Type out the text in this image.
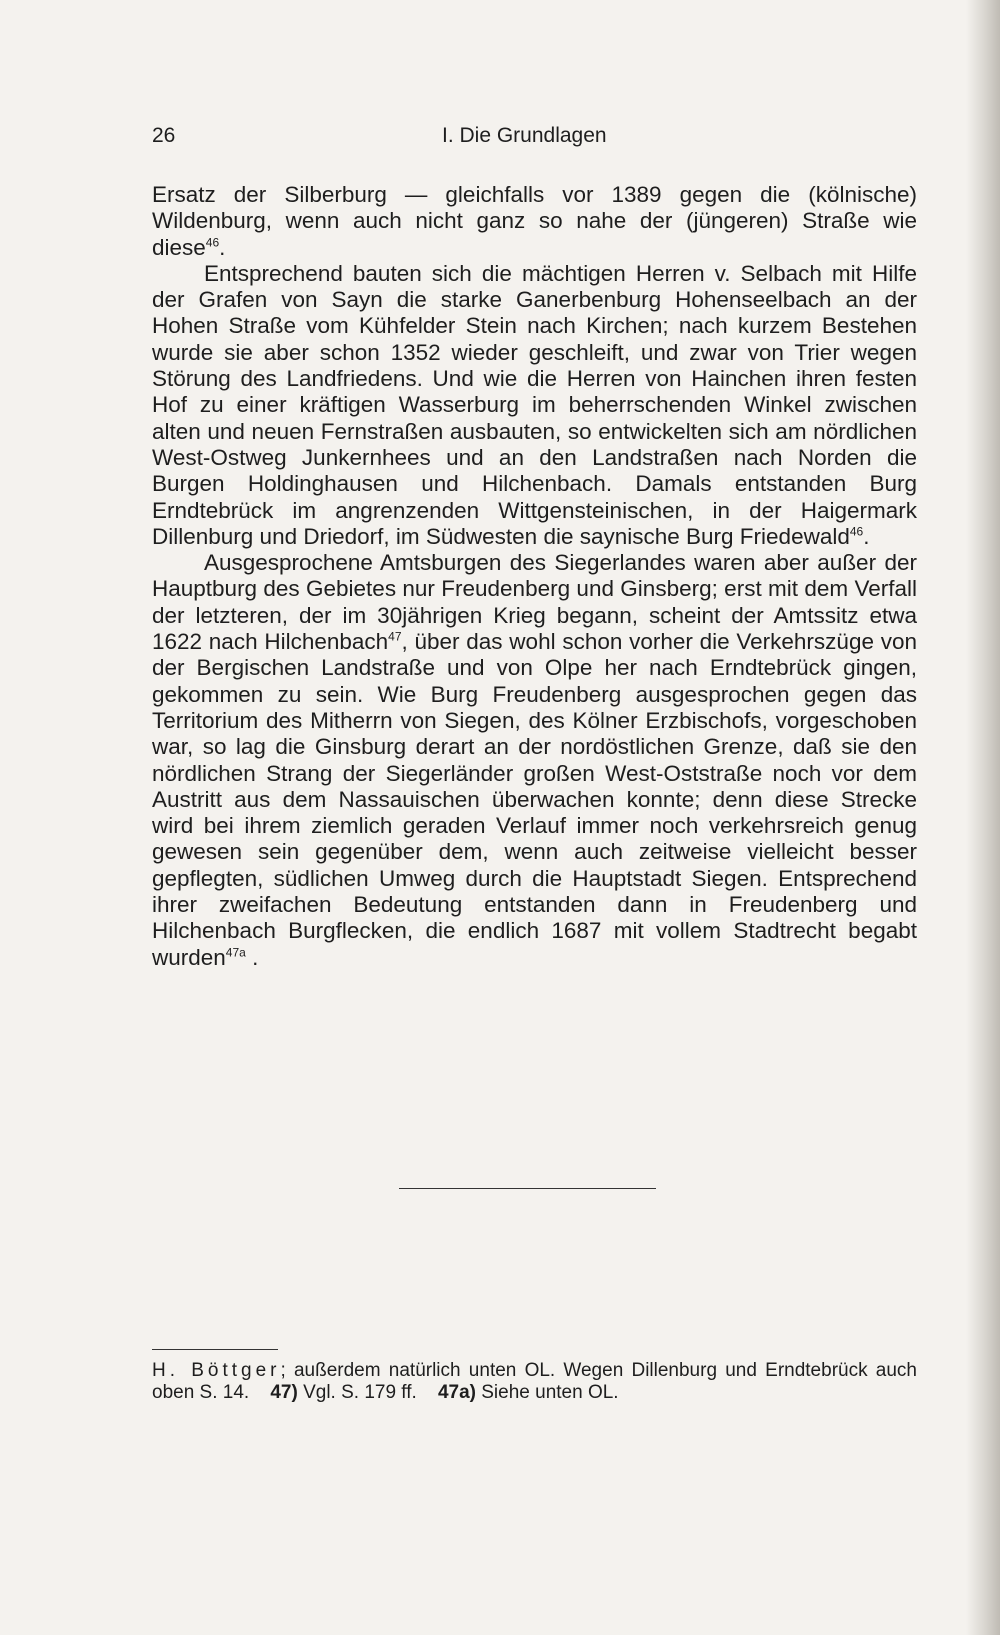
26	I. Die Grundlagen

Ersatz der Silberburg — gleichfalls vor 1389 gegen die (kölnische) Wildenburg, wenn auch nicht ganz so nahe der (jüngeren) Straße wie diese$^{46}$.

Entsprechend bauten sich die mächtigen Herren v. Selbach mit Hilfe der Grafen von Sayn die starke Ganerbenburg Hohenseelbach an der Hohen Straße vom Kühfelder Stein nach Kirchen; nach kurzem Bestehen wurde sie aber schon 1352 wieder geschleift, und zwar von Trier wegen Störung des Landfriedens. Und wie die Herren von Hainchen ihren festen Hof zu einer kräftigen Wasserburg im beherrschenden Winkel zwischen alten und neuen Fernstraßen ausbauten, so entwickelten sich am nördlichen West-Ostweg Junkernhees und an den Landstraßen nach Norden die Burgen Holdinghausen und Hilchenbach. Damals entstanden Burg Erndtebrück im angrenzenden Wittgensteinischen, in der Haigermark Dillenburg und Driedorf, im Südwesten die saynische Burg Friedewald$^{46}$.

Ausgesprochene Amtsburgen des Siegerlandes waren aber außer der Hauptburg des Gebietes nur Freudenberg und Ginsberg; erst mit dem Verfall der letzteren, der im 30jährigen Krieg begann, scheint der Amtssitz etwa 1622 nach Hilchenbach$^{47}$, über das wohl schon vorher die Verkehrszüge von der Bergischen Landstraße und von Olpe her nach Erndtebrück gingen, gekommen zu sein. Wie Burg Freudenberg ausgesprochen gegen das Territorium des Mitherrn von Siegen, des Kölner Erzbischofs, vorgeschoben war, so lag die Ginsburg derart an der nordöstlichen Grenze, daß sie den nördlichen Strang der Siegerländer großen West-Oststraße noch vor dem Austritt aus dem Nassauischen überwachen konnte; denn diese Strecke wird bei ihrem ziemlich geraden Verlauf immer noch verkehrsreich genug gewesen sein gegenüber dem, wenn auch zeitweise vielleicht besser gepflegten, südlichen Umweg durch die Hauptstadt Siegen. Entsprechend ihrer zweifachen Bedeutung entstanden dann in Freudenberg und Hilchenbach Burgflecken, die endlich 1687 mit vollem Stadtrecht begabt wurden$^{47a}$ .

H. Böttger; außerdem natürlich unten OL. Wegen Dillenburg und Erndtebrück auch oben S. 14. 47) Vgl. S. 179 ff. 47a) Siehe unten OL.
